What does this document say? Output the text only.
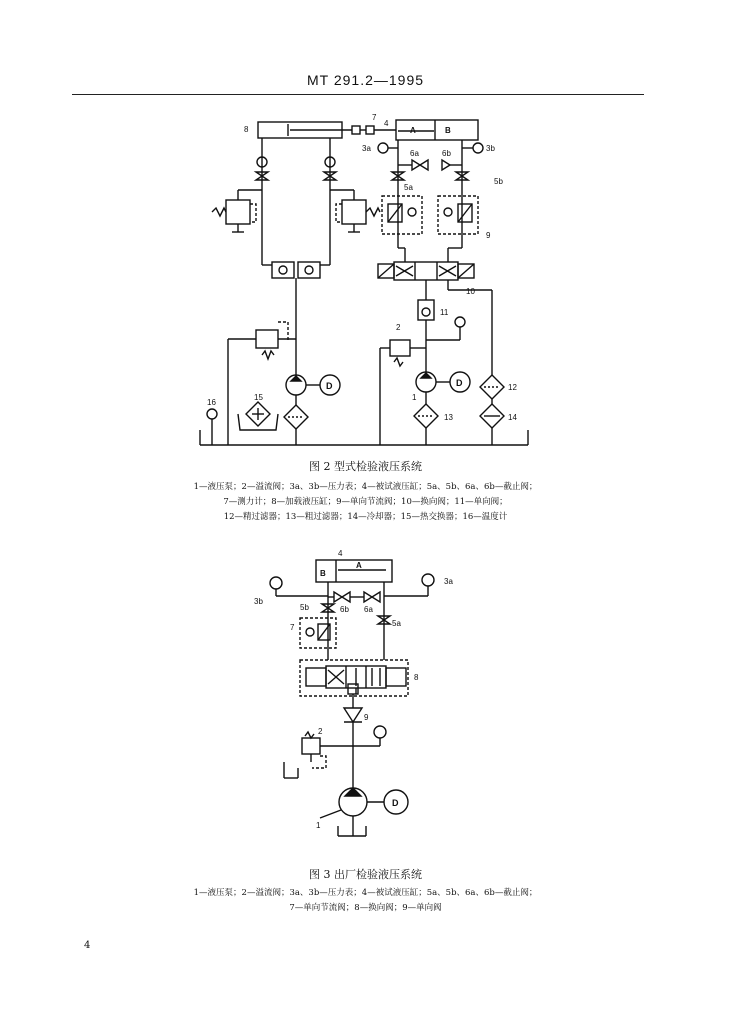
MT 291.2—1995
8
7
4
A	B
3a	3b
6a	6b
5a
5b
9
10
11
2
1
12
13	14
15
16
D	D
图 2 型式检验液压系统
1—液压泵；2—溢流阀；3a、3b—压力表；4—被试液压缸；5a、5b、6a、6b—截止阀；
7—测力计；8—加载液压缸；9—单向节流阀；10—换向阀；11—单向阀；
12—精过滤器；13—粗过滤器；14—冷却器；15—热交换器；16—温度计
4
B
A
3a
3b
5b	6b 6a
5a
7
8
9
2
1
D
图 3 出厂检验液压系统
1—液压泵；2—溢流阀；3a、3b—压力表；4—被试液压缸；5a、5b、6a、6b—截止阀；
7—单向节流阀；8—换向阀；9—单向阀
4
